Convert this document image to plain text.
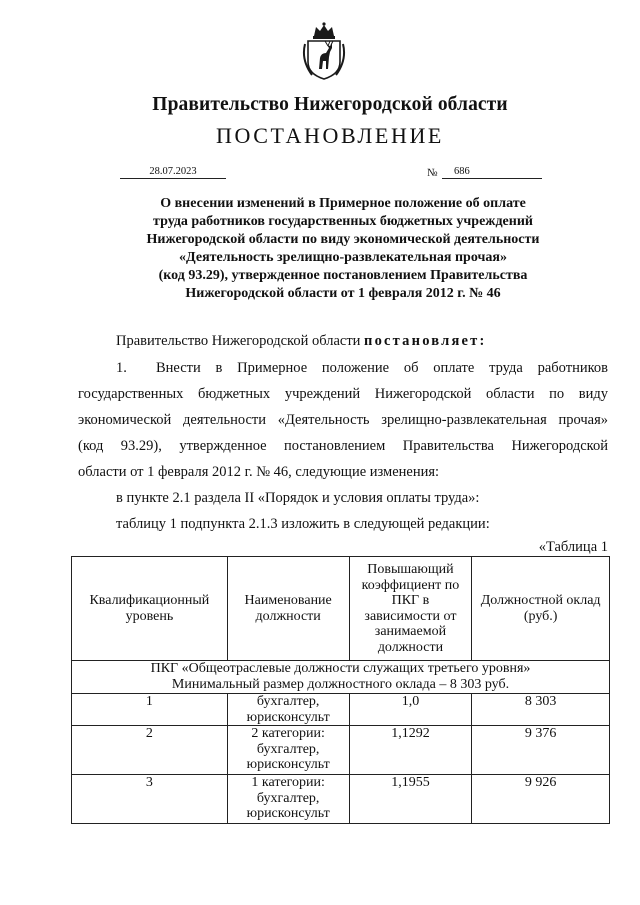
Правительство Нижегородской области
ПОСТАНОВЛЕНИЕ
28.07.2023	№	686
О внесении изменений в Примерное положение об оплате
труда работников государственных бюджетных учреждений
Нижегородской области по виду экономической деятельности
«Деятельность зрелищно-развлекательная прочая»
(код 93.29), утвержденное постановлением Правительства
Нижегородской области от 1 февраля 2012 г. № 46
Правительство Нижегородской области постановляет:
1. Внести в Примерное положение об оплате труда работников
государственных бюджетных учреждений Нижегородской области по виду
экономической деятельности «Деятельность зрелищно-развлекательная прочая»
(код 93.29), утвержденное постановлением Правительства Нижегородской
области от 1 февраля 2012 г. № 46, следующие изменения:
в пункте 2.1 раздела II «Порядок и условия оплаты труда»:
таблицу 1 подпункта 2.1.3 изложить в следующей редакции:
«Таблица 1
Квалификационный уровень	Наименование должности	Повышающий коэффициент по ПКГ в зависимости от занимаемой должности	Должностной оклад (руб.)

ПКГ «Общеотраслевые должности служащих третьего уровня»
Минимальный размер должностного оклада – 8 303 руб.			

1	бухгалтер, юрисконсульт	1,0	8 303
2	2 категории: бухгалтер, юрисконсульт	1,1292	9 376
3	1 категории: бухгалтер, юрисконсульт	1,1955	9 926
